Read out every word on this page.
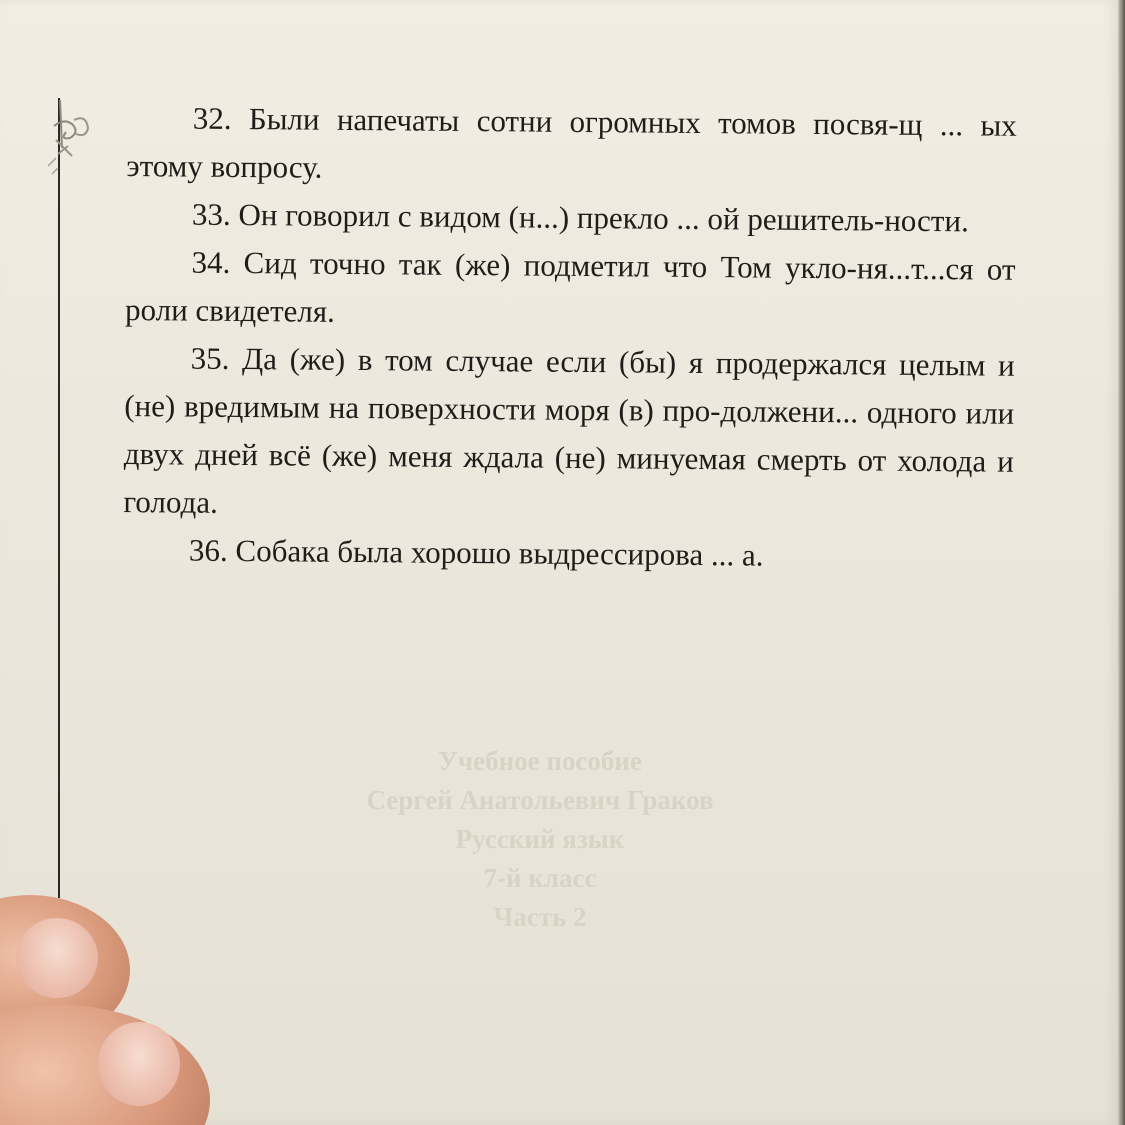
32. Были напечаты сотни огромных томов посвя-щ ... ых этому вопросу.

33. Он говорил с видом (н...) прекло ... ой решитель-ности.

34. Сид точно так (же) подметил что Том укло-ня...т...ся от роли свидетеля.

35. Да (же) в том случае если (бы) я продержался целым и (не) вредимым на поверхности моря (в) про-должени... одного или двух дней всё (же) меня ждала (не) минуемая смерть от холода и голода.

36. Собака была хорошо выдрессирова ... а.

Учебное пособие
Сергей Анатольевич Граков
Русский язык
7-й класс
Часть 2
